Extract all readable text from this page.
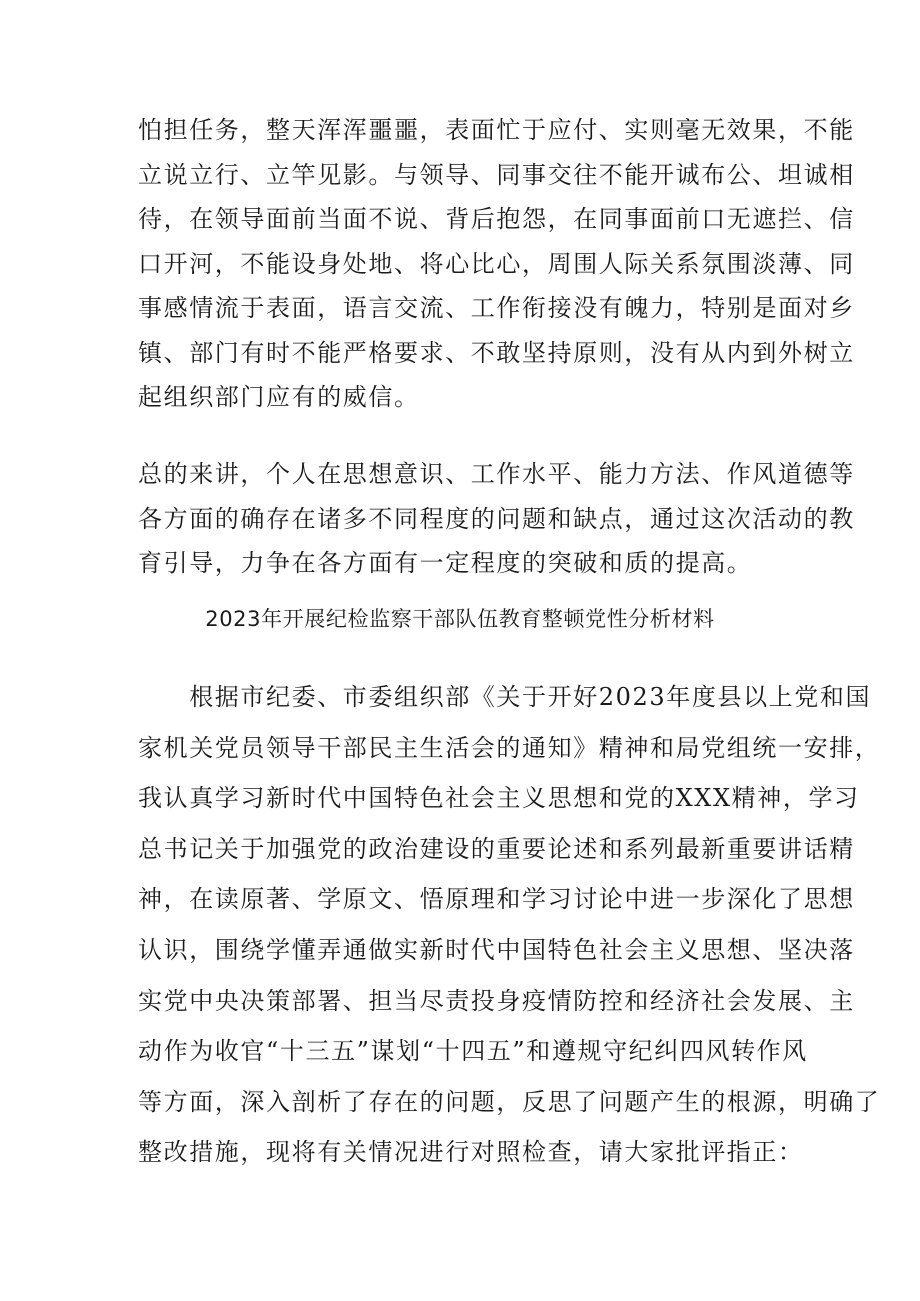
怕担任务，整天浑浑噩噩，表面忙于应付、实则毫无效果，不能
立说立行、立竿见影。与领导、同事交往不能开诚布公、坦诚相
待，在领导面前当面不说、背后抱怨，在同事面前口无遮拦、信
口开河，不能设身处地、将心比心，周围人际关系氛围淡薄、同
事感情流于表面，语言交流、工作衔接没有魄力，特别是面对乡
镇、部门有时不能严格要求、不敢坚持原则，没有从内到外树立
起组织部门应有的威信。
总的来讲，个人在思想意识、工作水平、能力方法、作风道德等
各方面的确存在诸多不同程度的问题和缺点，通过这次活动的教
育引导，力争在各方面有一定程度的突破和质的提高。
2023年开展纪检监察干部队伍教育整顿党性分析材料
　　根据市纪委、市委组织部《关于开好2023年度县以上党和国
家机关党员领导干部民主生活会的通知》精神和局党组统一安排，
我认真学习新时代中国特色社会主义思想和党的XXX精神，学习
总书记关于加强党的政治建设的重要论述和系列最新重要讲话精
神，在读原著、学原文、悟原理和学习讨论中进一步深化了思想
认识，围绕学懂弄通做实新时代中国特色社会主义思想、坚决落
实党中央决策部署、担当尽责投身疫情防控和经济社会发展、主
动作为收官“十三五”谋划“十四五”和遵规守纪纠四风转作风
等方面，深入剖析了存在的问题，反思了问题产生的根源，明确了
整改措施，现将有关情况进行对照检查，请大家批评指正：
